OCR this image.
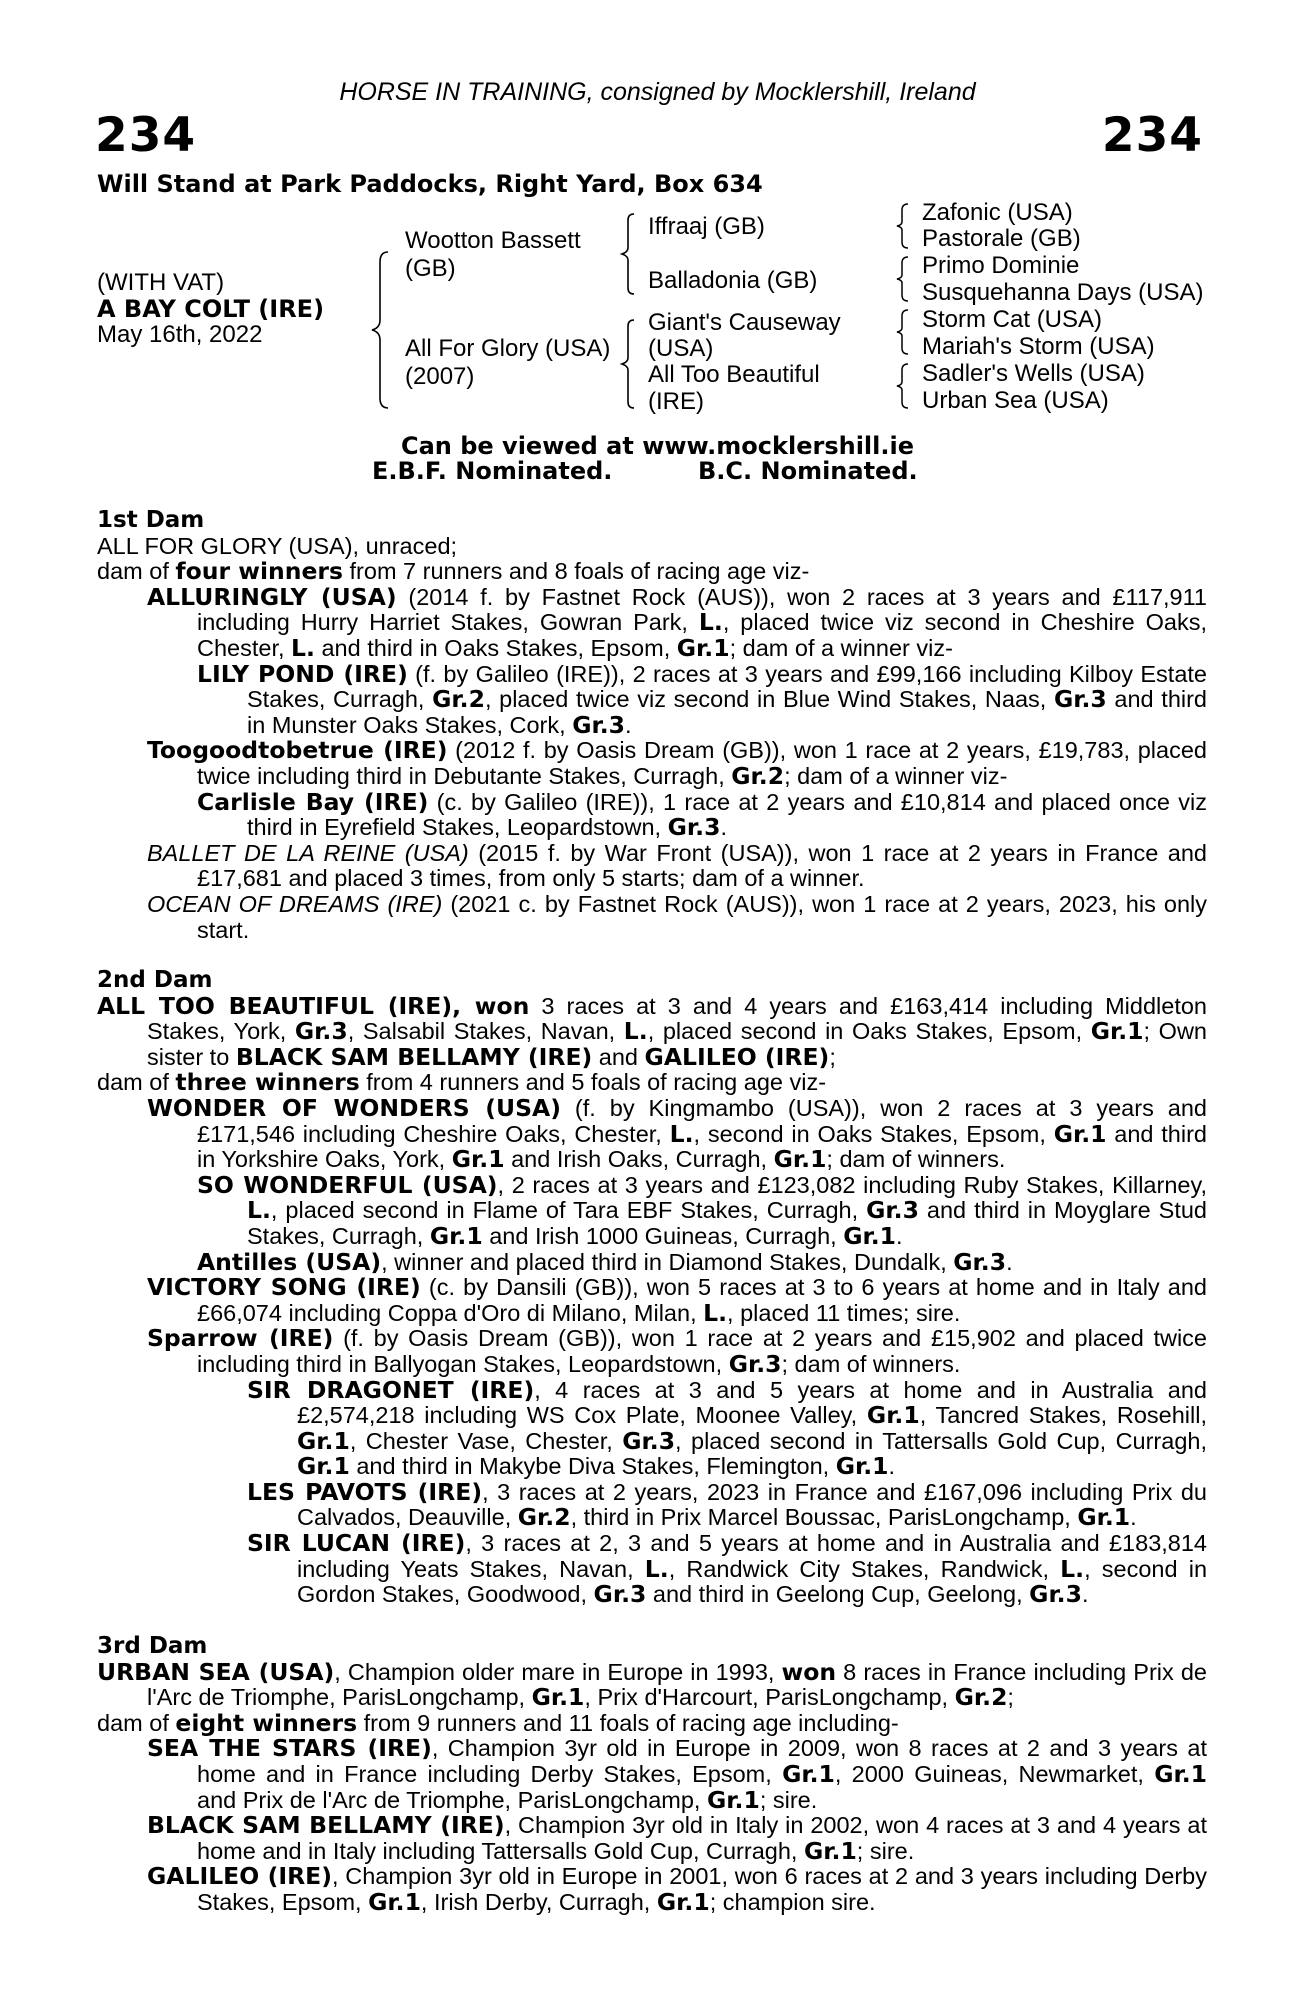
HORSE IN TRAINING, consigned by Mocklershill, Ireland
234	234
Will Stand at Park Paddocks, Right Yard, Box 634
(WITH VAT)
A BAY COLT (IRE)
May 16th, 2022
Wootton Bassett
(GB)
All For Glory (USA)
(2007)
Iffraaj (GB)
Balladonia (GB)
Giant's Causeway
(USA)
All Too Beautiful
(IRE)
Zafonic (USA)
Pastorale (GB)
Primo Dominie
Susquehanna Days (USA)
Storm Cat (USA)
Mariah's Storm (USA)
Sadler's Wells (USA)
Urban Sea (USA)
Can be viewed at www.mocklershill.ie
E.B.F. Nominated.	B.C. Nominated.

1st Dam

ALL FOR GLORY (USA), unraced;

dam of four winners from 7 runners and 8 foals of racing age viz-

ALLURINGLY (USA) (2014 f. by Fastnet Rock (AUS)), won 2 races at 3 years and £117,911 including Hurry Harriet Stakes, Gowran Park, L., placed twice viz second in Cheshire Oaks, Chester, L. and third in Oaks Stakes, Epsom, Gr.1; dam of a winner viz-

LILY POND (IRE) (f. by Galileo (IRE)), 2 races at 3 years and £99,166 including Kilboy Estate Stakes, Curragh, Gr.2, placed twice viz second in Blue Wind Stakes, Naas, Gr.3 and third in Munster Oaks Stakes, Cork, Gr.3.

Toogoodtobetrue (IRE) (2012 f. by Oasis Dream (GB)), won 1 race at 2 years, £19,783, placed twice including third in Debutante Stakes, Curragh, Gr.2; dam of a winner viz-

Carlisle Bay (IRE) (c. by Galileo (IRE)), 1 race at 2 years and £10,814 and placed once viz third in Eyrefield Stakes, Leopardstown, Gr.3.

BALLET DE LA REINE (USA) (2015 f. by War Front (USA)), won 1 race at 2 years in France and £17,681 and placed 3 times, from only 5 starts; dam of a winner.

OCEAN OF DREAMS (IRE) (2021 c. by Fastnet Rock (AUS)), won 1 race at 2 years, 2023, his only start.

2nd Dam

ALL TOO BEAUTIFUL (IRE), won 3 races at 3 and 4 years and £163,414 including Middleton Stakes, York, Gr.3, Salsabil Stakes, Navan, L., placed second in Oaks Stakes, Epsom, Gr.1; Own sister to BLACK SAM BELLAMY (IRE) and GALILEO (IRE);

dam of three winners from 4 runners and 5 foals of racing age viz-

WONDER OF WONDERS (USA) (f. by Kingmambo (USA)), won 2 races at 3 years and £171,546 including Cheshire Oaks, Chester, L., second in Oaks Stakes, Epsom, Gr.1 and third in Yorkshire Oaks, York, Gr.1 and Irish Oaks, Curragh, Gr.1; dam of winners.

SO WONDERFUL (USA), 2 races at 3 years and £123,082 including Ruby Stakes, Killarney, L., placed second in Flame of Tara EBF Stakes, Curragh, Gr.3 and third in Moyglare Stud Stakes, Curragh, Gr.1 and Irish 1000 Guineas, Curragh, Gr.1.

Antilles (USA), winner and placed third in Diamond Stakes, Dundalk, Gr.3.

VICTORY SONG (IRE) (c. by Dansili (GB)), won 5 races at 3 to 6 years at home and in Italy and £66,074 including Coppa d'Oro di Milano, Milan, L., placed 11 times; sire.

Sparrow (IRE) (f. by Oasis Dream (GB)), won 1 race at 2 years and £15,902 and placed twice including third in Ballyogan Stakes, Leopardstown, Gr.3; dam of winners.

SIR DRAGONET (IRE), 4 races at 3 and 5 years at home and in Australia and £2,574,218 including WS Cox Plate, Moonee Valley, Gr.1, Tancred Stakes, Rosehill, Gr.1, Chester Vase, Chester, Gr.3, placed second in Tattersalls Gold Cup, Curragh, Gr.1 and third in Makybe Diva Stakes, Flemington, Gr.1.

LES PAVOTS (IRE), 3 races at 2 years, 2023 in France and £167,096 including Prix du Calvados, Deauville, Gr.2, third in Prix Marcel Boussac, ParisLongchamp, Gr.1.

SIR LUCAN (IRE), 3 races at 2, 3 and 5 years at home and in Australia and £183,814 including Yeats Stakes, Navan, L., Randwick City Stakes, Randwick, L., second in Gordon Stakes, Goodwood, Gr.3 and third in Geelong Cup, Geelong, Gr.3.

3rd Dam

URBAN SEA (USA), Champion older mare in Europe in 1993, won 8 races in France including Prix de l'Arc de Triomphe, ParisLongchamp, Gr.1, Prix d'Harcourt, ParisLongchamp, Gr.2;

dam of eight winners from 9 runners and 11 foals of racing age including-

SEA THE STARS (IRE), Champion 3yr old in Europe in 2009, won 8 races at 2 and 3 years at home and in France including Derby Stakes, Epsom, Gr.1, 2000 Guineas, Newmarket, Gr.1 and Prix de l'Arc de Triomphe, ParisLongchamp, Gr.1; sire.

BLACK SAM BELLAMY (IRE), Champion 3yr old in Italy in 2002, won 4 races at 3 and 4 years at home and in Italy including Tattersalls Gold Cup, Curragh, Gr.1; sire.

GALILEO (IRE), Champion 3yr old in Europe in 2001, won 6 races at 2 and 3 years including Derby Stakes, Epsom, Gr.1, Irish Derby, Curragh, Gr.1; champion sire.
